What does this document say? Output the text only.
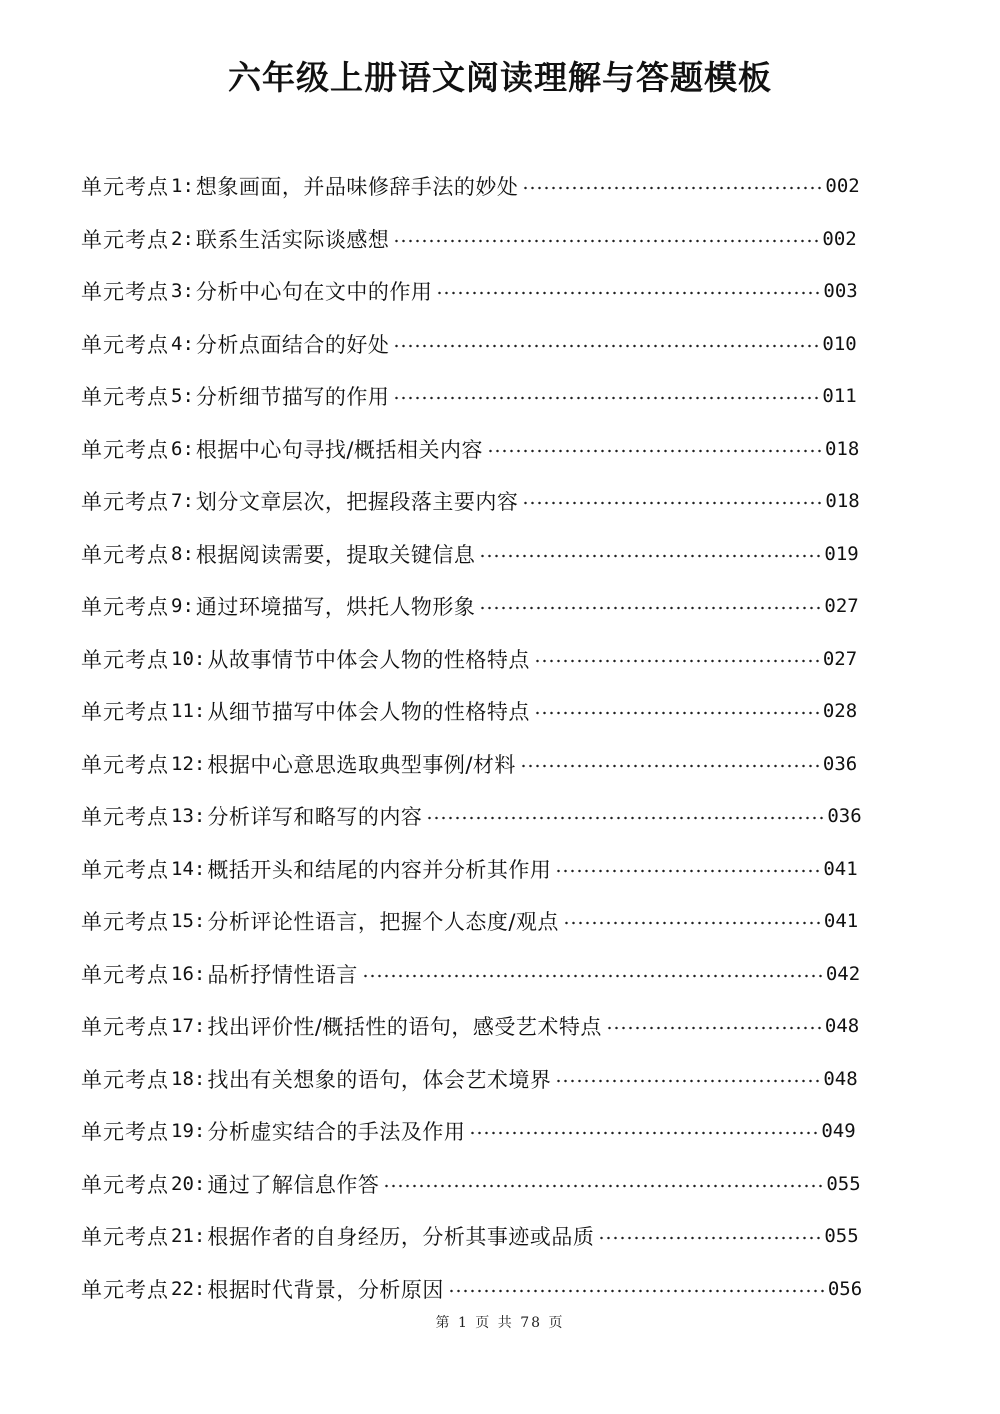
六年级上册语文阅读理解与答题模板
单元考点 1: 想象画面，并品味修辞手法的妙处	002
单元考点 2: 联系生活实际谈感想	002
单元考点 3: 分析中心句在文中的作用	003
单元考点 4: 分析点面结合的好处	010
单元考点 5: 分析细节描写的作用	011
单元考点 6: 根据中心句寻找/概括相关内容	018
单元考点 7: 划分文章层次，把握段落主要内容	018
单元考点 8: 根据阅读需要，提取关键信息	019
单元考点 9: 通过环境描写，烘托人物形象	027
单元考点 10: 从故事情节中体会人物的性格特点	027
单元考点 11: 从细节描写中体会人物的性格特点	028
单元考点 12: 根据中心意思选取典型事例/材料	036
单元考点 13: 分析详写和略写的内容	036
单元考点 14: 概括开头和结尾的内容并分析其作用	041
单元考点 15: 分析评论性语言，把握个人态度/观点	041
单元考点 16: 品析抒情性语言	042
单元考点 17: 找出评价性/概括性的语句，感受艺术特点	048
单元考点 18: 找出有关想象的语句，体会艺术境界	048
单元考点 19: 分析虚实结合的手法及作用	049
单元考点 20: 通过了解信息作答	055
单元考点 21: 根据作者的自身经历，分析其事迹或品质	055
单元考点 22: 根据时代背景，分析原因	056
第 1 页 共 78 页
